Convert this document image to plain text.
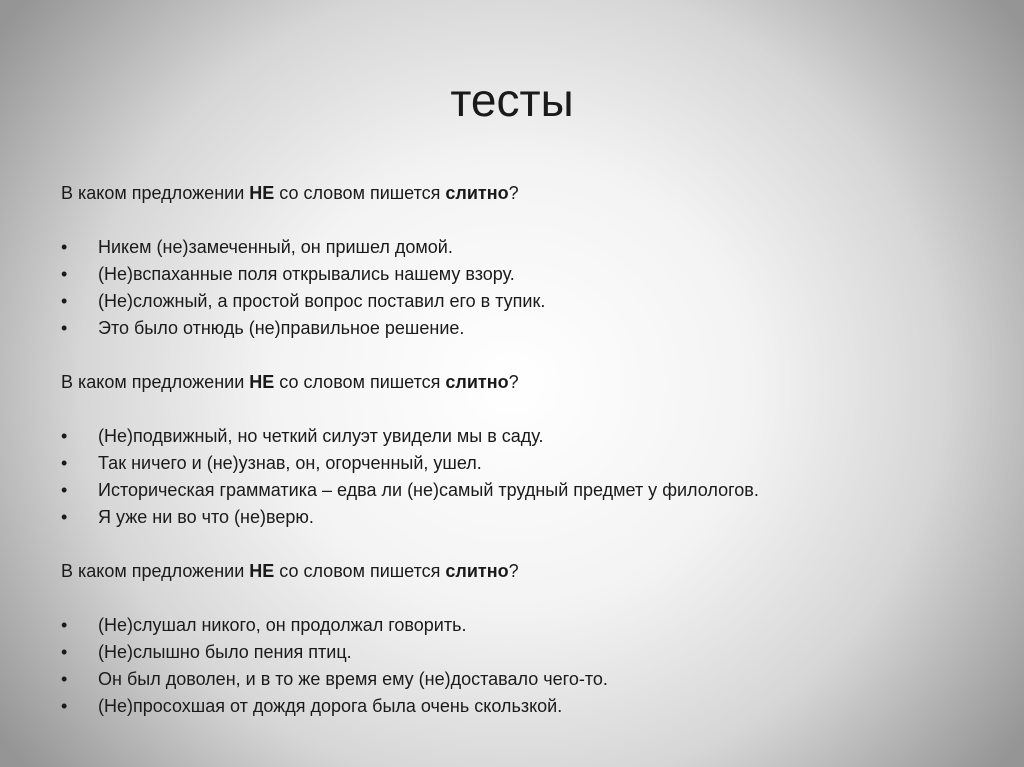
тесты
В каком предложении НЕ со словом пишется слитно?
• Никем (не)замеченный, он пришел домой.
• (Не)вспаханные поля открывались нашему взору.
• (Не)сложный, а простой вопрос поставил его в тупик.
• Это было отнюдь (не)правильное решение.
В каком предложении НЕ со словом пишется слитно?
• (Не)подвижный, но четкий силуэт увидели мы в саду.
• Так ничего и (не)узнав, он, огорченный, ушел.
• Историческая грамматика – едва ли (не)самый трудный предмет у филологов.
• Я уже ни во что (не)верю.
В каком предложении НЕ со словом пишется слитно?
• (Не)слушал никого, он продолжал говорить.
• (Не)слышно было пения птиц.
• Он был доволен, и в то же время ему (не)доставало чего-то.
• (Не)просохшая от дождя дорога была очень скользкой.
